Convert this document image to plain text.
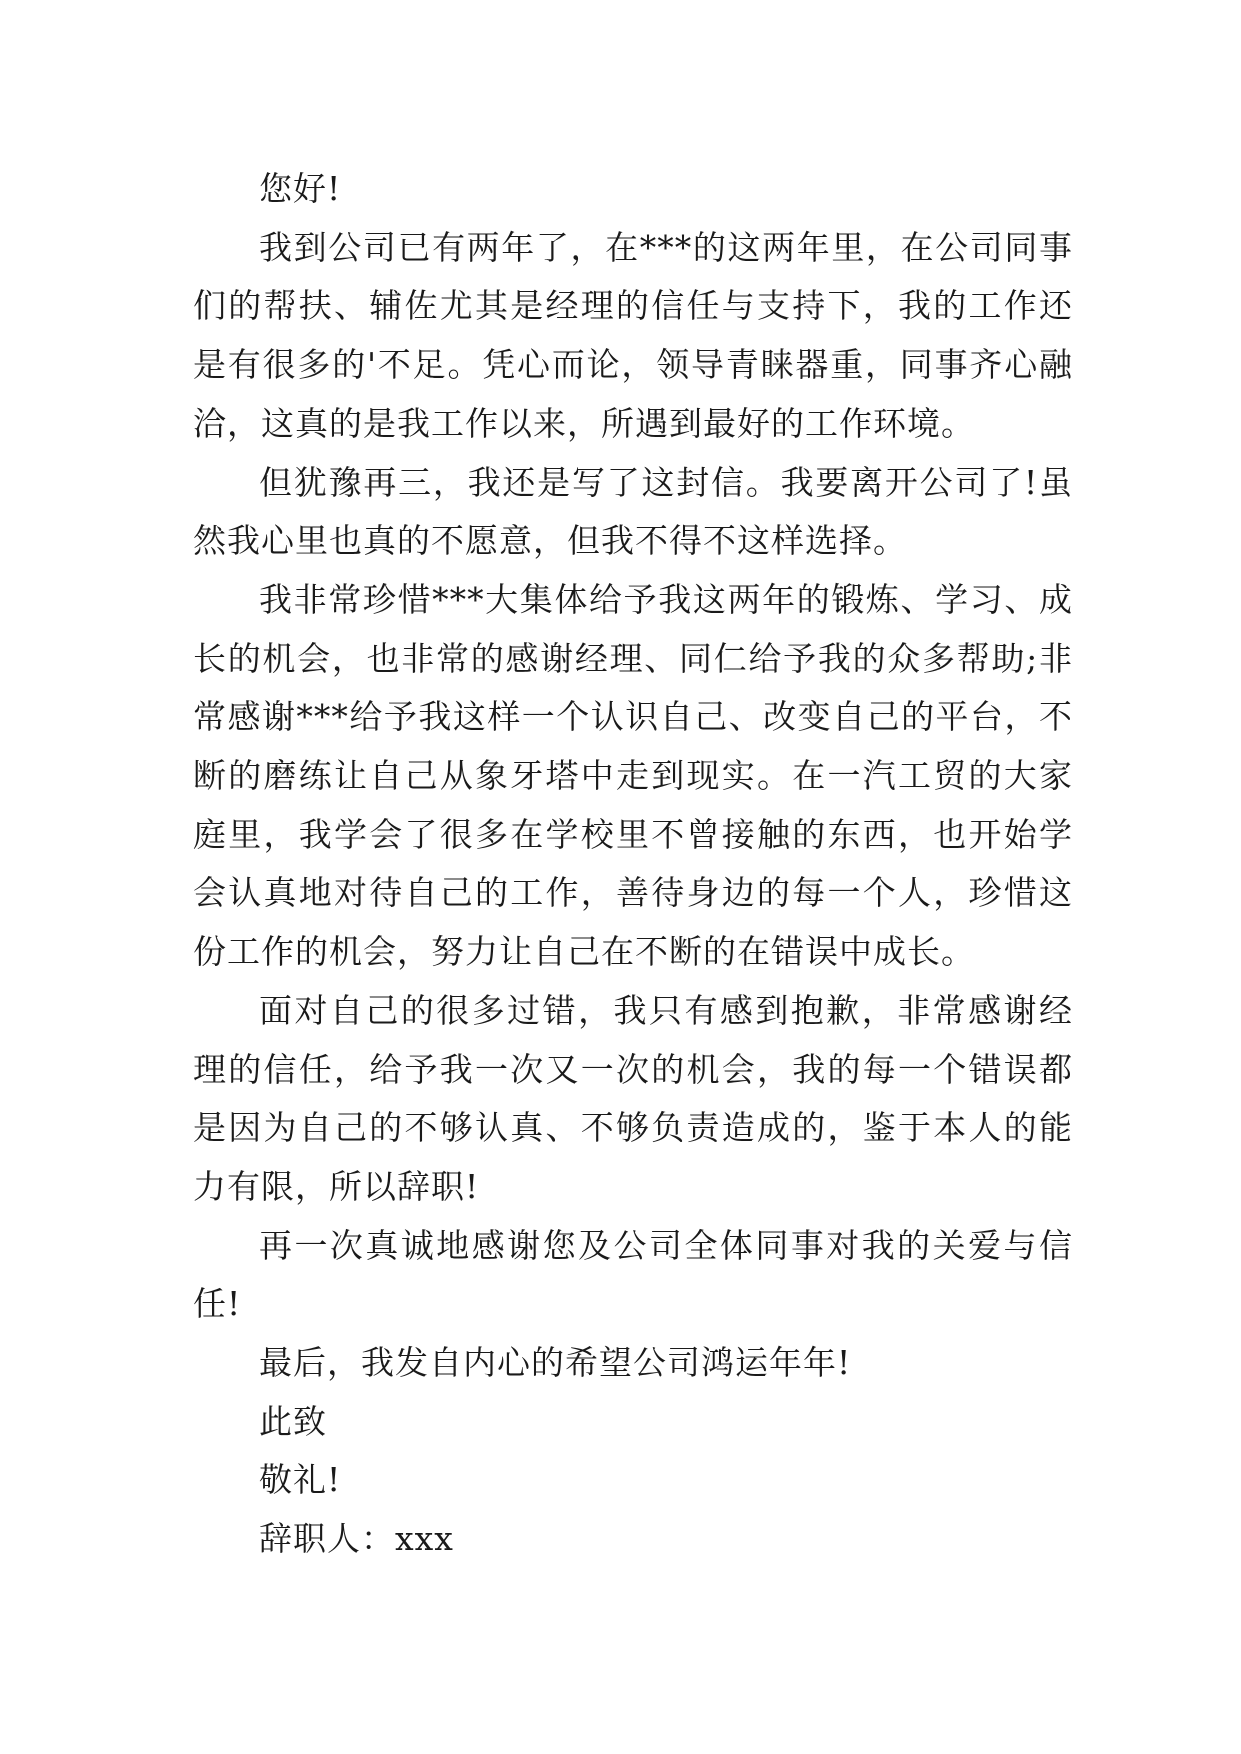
您好!

我到公司已有两年了，在***的这两年里，在公司同事们的帮扶、辅佐尤其是经理的信任与支持下，我的工作还是有很多的'不足。凭心而论，领导青睐器重，同事齐心融洽，这真的是我工作以来，所遇到最好的工作环境。

但犹豫再三，我还是写了这封信。我要离开公司了!虽然我心里也真的不愿意，但我不得不这样选择。

我非常珍惜***大集体给予我这两年的锻炼、学习、成长的机会，也非常的感谢经理、同仁给予我的众多帮助;非常感谢***给予我这样一个认识自己、改变自己的平台，不断的磨练让自己从象牙塔中走到现实。在一汽工贸的大家庭里，我学会了很多在学校里不曾接触的东西，也开始学会认真地对待自己的工作，善待身边的每一个人，珍惜这份工作的机会，努力让自己在不断的在错误中成长。

面对自己的很多过错，我只有感到抱歉，非常感谢经理的信任，给予我一次又一次的机会，我的每一个错误都是因为自己的不够认真、不够负责造成的，鉴于本人的能力有限，所以辞职!

再一次真诚地感谢您及公司全体同事对我的关爱与信任!

最后，我发自内心的希望公司鸿运年年!

此致

敬礼!

辞职人：xxx
